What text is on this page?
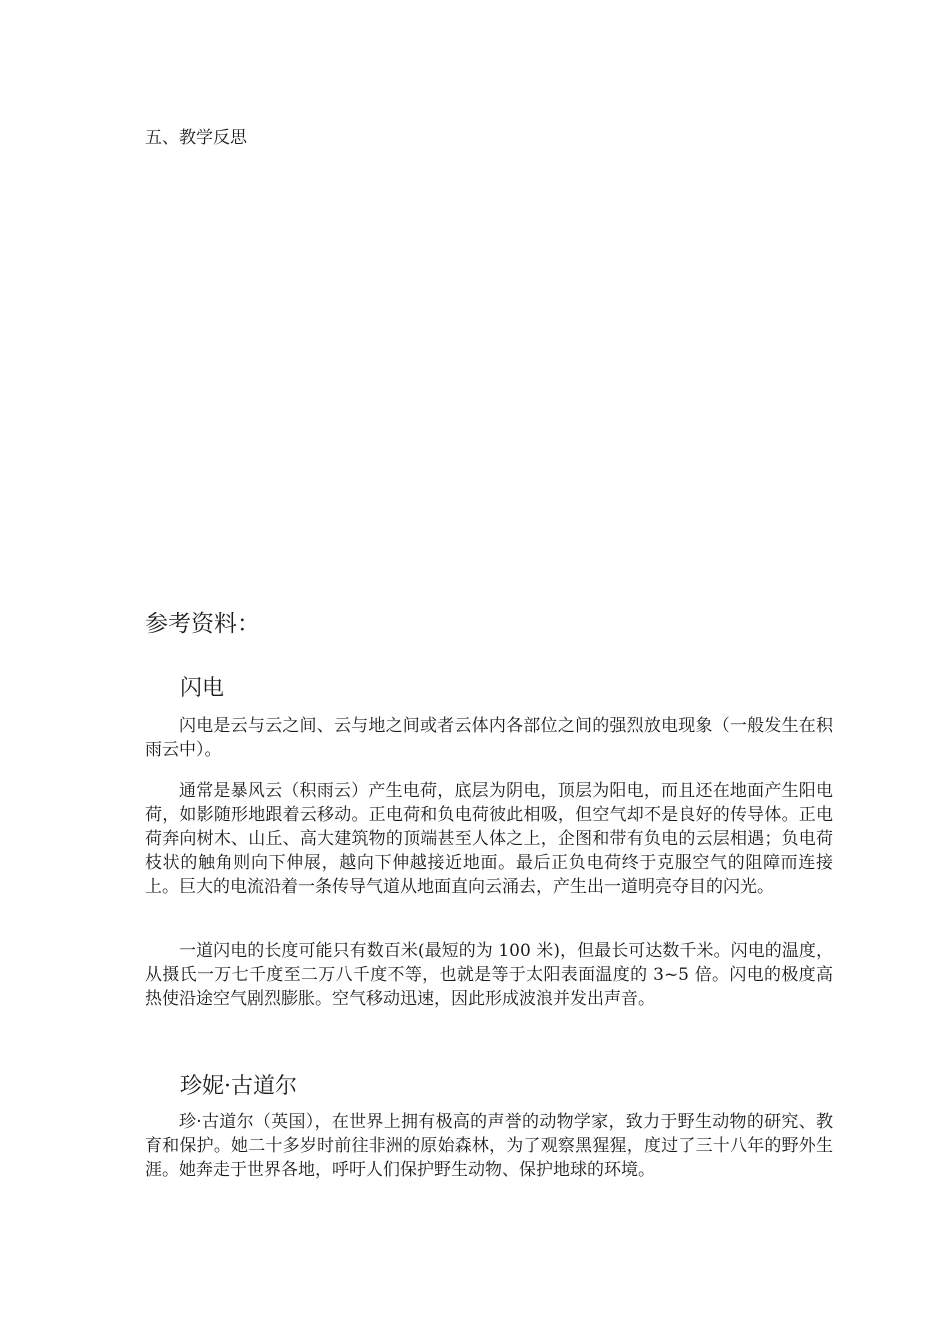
五、教学反思

参考资料：

闪电

闪电是云与云之间、云与地之间或者云体内各部位之间的强烈放电现象（一般发生在积雨云中）。

通常是暴风云（积雨云）产生电荷，底层为阴电，顶层为阳电，而且还在地面产生阳电荷，如影随形地跟着云移动。正电荷和负电荷彼此相吸，但空气却不是良好的传导体。正电荷奔向树木、山丘、高大建筑物的顶端甚至人体之上，企图和带有负电的云层相遇；负电荷枝状的触角则向下伸展，越向下伸越接近地面。最后正负电荷终于克服空气的阻障而连接上。巨大的电流沿着一条传导气道从地面直向云涌去，产生出一道明亮夺目的闪光。

一道闪电的长度可能只有数百米(最短的为 100 米)，但最长可达数千米。闪电的温度，从摄氏一万七千度至二万八千度不等，也就是等于太阳表面温度的 3~5 倍。闪电的极度高热使沿途空气剧烈膨胀。空气移动迅速，因此形成波浪并发出声音。

珍妮·古道尔

珍·古道尔（英国），在世界上拥有极高的声誉的动物学家，致力于野生动物的研究、教育和保护。她二十多岁时前往非洲的原始森林，为了观察黑猩猩，度过了三十八年的野外生涯。她奔走于世界各地，呼吁人们保护野生动物、保护地球的环境。
